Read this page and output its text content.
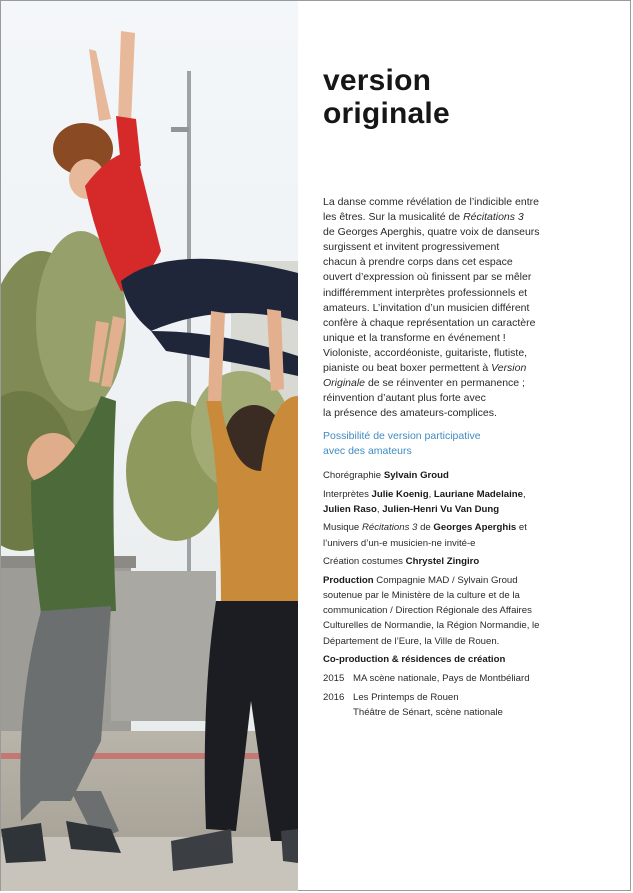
version
originale

La danse comme révélation de l’indicible entre

les êtres. Sur la musicalité de Récitations 3

de Georges Aperghis, quatre voix de danseurs

surgissent et invitent progressivement

chacun à prendre corps dans cet espace

ouvert d’expression où finissent par se mêler

indifféremment interprètes professionnels et

amateurs. L’invitation d’un musicien différent

confère à chaque représentation un caractère

unique et la transforme en événement !

Violoniste, accordéoniste, guitariste, flutiste,

pianiste ou beat boxer permettent à Version

Originale de se réinventer en permanence ;

réinvention d’autant plus forte avec

la présence des amateurs-complices.

Possibilité de version participative

avec des amateurs

Chorégraphie Sylvain Groud

Interprètes Julie Koenig, Lauriane Madelaine,

Julien Raso, Julien-Henri Vu Van Dung

Musique Récitations 3 de Georges Aperghis et

l’univers d’un-e musicien-ne invité-e

Création costumes Chrystel Zingiro

Production Compagnie MAD / Sylvain Groud

soutenue par le Ministère de la culture et de la

communication / Direction Régionale des Affaires

Culturelles de Normandie, la Région Normandie, le

Département de l’Eure, la Ville de Rouen.

Co-production & résidences de création

2015 MA scène nationale, Pays de Montbéliard
2016 Les Printemps de Rouen
Théâtre de Sénart, scène nationale
